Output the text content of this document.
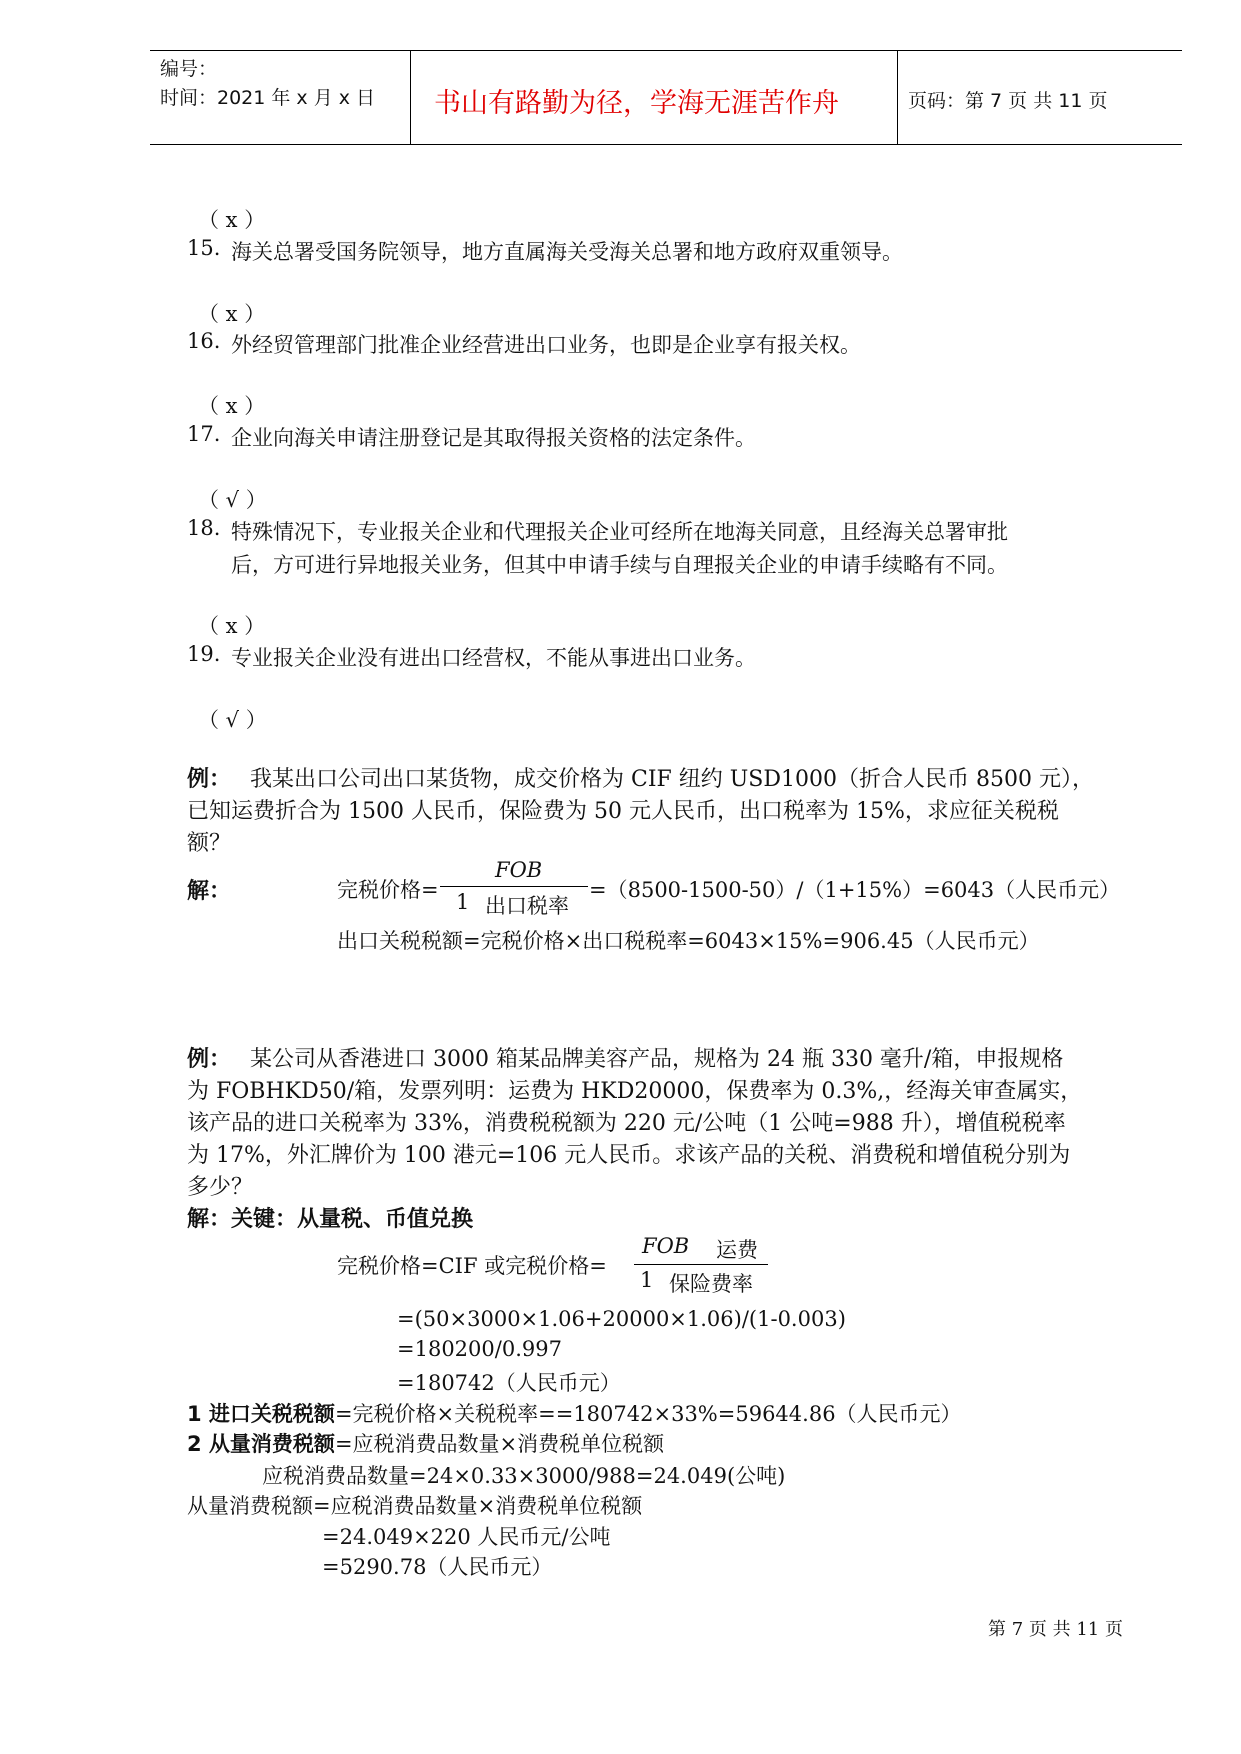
编号：
时间：2021 年 x 月 x 日 书山有路勤为径，学海无涯苦作舟	页码：第 7 页 共 11 页
（ x ）
15. 海关总署受国务院领导，地方直属海关受海关总署和地方政府双重领导。
（ x ）
16. 外经贸管理部门批准企业经营进出口业务，也即是企业享有报关权。
（ x ）
17. 企业向海关申请注册登记是其取得报关资格的法定条件。
（ √ ）
18. 特殊情况下，专业报关企业和代理报关企业可经所在地海关同意，且经海关总署审批
后，方可进行异地报关业务，但其中申请手续与自理报关企业的申请手续略有不同。
（ x ）
19. 专业报关企业没有进出口经营权，不能从事进出口业务。
（ √ ）
例： 我某出口公司出口某货物，成交价格为 CIF 纽约 USD1000（折合人民币 8500 元），
已知运费折合为 1500 人民币，保险费为 50 元人民币，出口税率为 15%，求应征关税税
额？
解：	完税价格=
FOB
1 出口税率
=（8500-1500-50）/（1+15%）=6043（人民币元）
出口关税税额=完税价格×出口税税率=6043×15%=906.45（人民币元）
例： 某公司从香港进口 3000 箱某品牌美容产品，规格为 24 瓶 330 毫升/箱，申报规格
为 FOBHKD50/箱，发票列明：运费为 HKD20000，保费率为 0.3%,，经海关审查属实，
该产品的进口关税率为 33%，消费税税额为 220 元/公吨（1 公吨=988 升），增值税税率
为 17%，外汇牌价为 100 港元=106 元人民币。求该产品的关税、消费税和增值税分别为
多少？
解：关键：从量税、币值兑换
完税价格=CIF 或完税价格=
FOB 运费
1 保险费率
=(50×3000×1.06+20000×1.06)/(1-0.003)
=180200/0.997
=180742（人民币元）
1 进口关税税额=完税价格×关税税率==180742×33%=59644.86（人民币元）
2 从量消费税额=应税消费品数量×消费税单位税额
应税消费品数量=24×0.33×3000/988=24.049(公吨)
从量消费税额=应税消费品数量×消费税单位税额
=24.049×220 人民币元/公吨
=5290.78（人民币元）
第 7 页 共 11 页
